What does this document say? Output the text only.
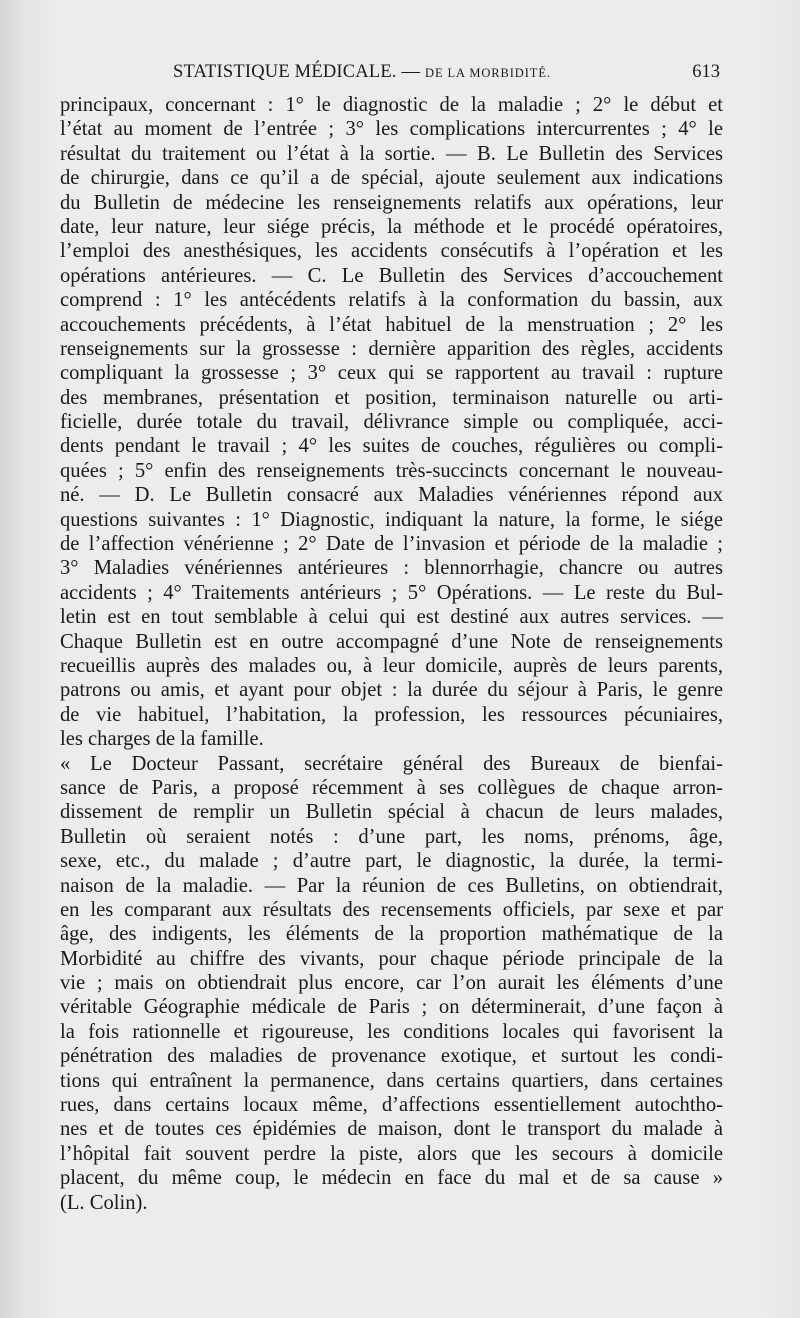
STATISTIQUE MÉDICALE. — DE LA MORBIDITÉ.	613
principaux, concernant : 1° le diagnostic de la maladie ; 2° le début et
l’état au moment de l’entrée ; 3° les complications intercurrentes ; 4° le
résultat du traitement ou l’état à la sortie. — B. Le Bulletin des Services
de chirurgie, dans ce qu’il a de spécial, ajoute seulement aux indications
du Bulletin de médecine les renseignements relatifs aux opérations, leur
date, leur nature, leur siége précis, la méthode et le procédé opératoires,
l’emploi des anesthésiques, les accidents consécutifs à l’opération et les
opérations antérieures. — C. Le Bulletin des Services d’accouchement
comprend : 1° les antécédents relatifs à la conformation du bassin, aux
accouchements précédents, à l’état habituel de la menstruation ; 2° les
renseignements sur la grossesse : dernière apparition des règles, accidents
compliquant la grossesse ; 3° ceux qui se rapportent au travail : rupture
des membranes, présentation et position, terminaison naturelle ou arti-
ficielle, durée totale du travail, délivrance simple ou compliquée, acci-
dents pendant le travail ; 4° les suites de couches, régulières ou compli-
quées ; 5° enfin des renseignements très-succincts concernant le nouveau-
né. — D. Le Bulletin consacré aux Maladies vénériennes répond aux
questions suivantes : 1° Diagnostic, indiquant la nature, la forme, le siége
de l’affection vénérienne ; 2° Date de l’invasion et période de la maladie ;
3° Maladies vénériennes antérieures : blennorrhagie, chancre ou autres
accidents ; 4° Traitements antérieurs ; 5° Opérations. — Le reste du Bul-
letin est en tout semblable à celui qui est destiné aux autres services. —
Chaque Bulletin est en outre accompagné d’une Note de renseignements
recueillis auprès des malades ou, à leur domicile, auprès de leurs parents,
patrons ou amis, et ayant pour objet : la durée du séjour à Paris, le genre
de vie habituel, l’habitation, la profession, les ressources pécuniaires,
les charges de la famille.
« Le Docteur Passant, secrétaire général des Bureaux de bienfai-
sance de Paris, a proposé récemment à ses collègues de chaque arron-
dissement de remplir un Bulletin spécial à chacun de leurs malades,
Bulletin où seraient notés : d’une part, les noms, prénoms, âge,
sexe, etc., du malade ; d’autre part, le diagnostic, la durée, la termi-
naison de la maladie. — Par la réunion de ces Bulletins, on obtiendrait,
en les comparant aux résultats des recensements officiels, par sexe et par
âge, des indigents, les éléments de la proportion mathématique de la
Morbidité au chiffre des vivants, pour chaque période principale de la
vie ; mais on obtiendrait plus encore, car l’on aurait les éléments d’une
véritable Géographie médicale de Paris ; on déterminerait, d’une façon à
la fois rationnelle et rigoureuse, les conditions locales qui favorisent la
pénétration des maladies de provenance exotique, et surtout les condi-
tions qui entraînent la permanence, dans certains quartiers, dans certaines
rues, dans certains locaux même, d’affections essentiellement autochtho-
nes et de toutes ces épidémies de maison, dont le transport du malade à
l’hôpital fait souvent perdre la piste, alors que les secours à domicile
placent, du même coup, le médecin en face du mal et de sa cause »
(L. Colin).
